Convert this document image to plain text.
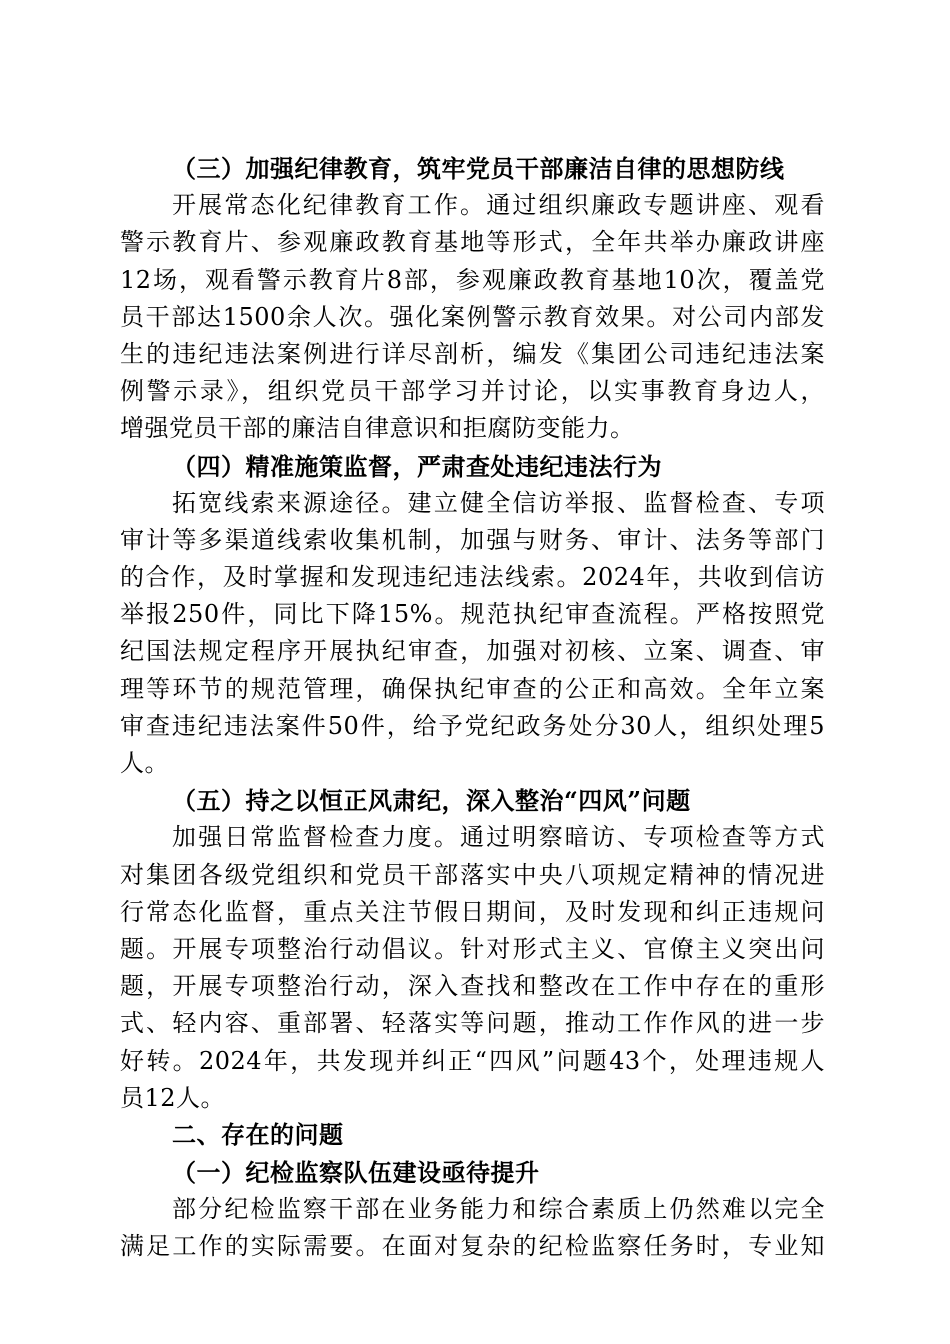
（三）加强纪律教育，筑牢党员干部廉洁自律的思想防线
开展常态化纪律教育工作。通过组织廉政专题讲座、观看
警示教育片、参观廉政教育基地等形式，全年共举办廉政讲座
12场，观看警示教育片8部，参观廉政教育基地10次，覆盖党
员干部达1500余人次。强化案例警示教育效果。对公司内部发
生的违纪违法案例进行详尽剖析，编发《集团公司违纪违法案
例警示录》，组织党员干部学习并讨论，以实事教育身边人，
增强党员干部的廉洁自律意识和拒腐防变能力。
（四）精准施策监督，严肃查处违纪违法行为
拓宽线索来源途径。建立健全信访举报、监督检查、专项
审计等多渠道线索收集机制，加强与财务、审计、法务等部门
的合作，及时掌握和发现违纪违法线索。2024年，共收到信访
举报250件，同比下降15%。规范执纪审查流程。严格按照党
纪国法规定程序开展执纪审查，加强对初核、立案、调查、审
理等环节的规范管理，确保执纪审查的公正和高效。全年立案
审查违纪违法案件50件，给予党纪政务处分30人，组织处理5
人。
（五）持之以恒正风肃纪，深入整治“四风”问题
加强日常监督检查力度。通过明察暗访、专项检查等方式
对集团各级党组织和党员干部落实中央八项规定精神的情况进
行常态化监督，重点关注节假日期间，及时发现和纠正违规问
题。开展专项整治行动倡议。针对形式主义、官僚主义突出问
题，开展专项整治行动，深入查找和整改在工作中存在的重形
式、轻内容、重部署、轻落实等问题，推动工作作风的进一步
好转。2024年，共发现并纠正“四风”问题43个，处理违规人
员12人。
二、存在的问题
（一）纪检监察队伍建设亟待提升
部分纪检监察干部在业务能力和综合素质上仍然难以完全
满足工作的实际需要。在面对复杂的纪检监察任务时，专业知
